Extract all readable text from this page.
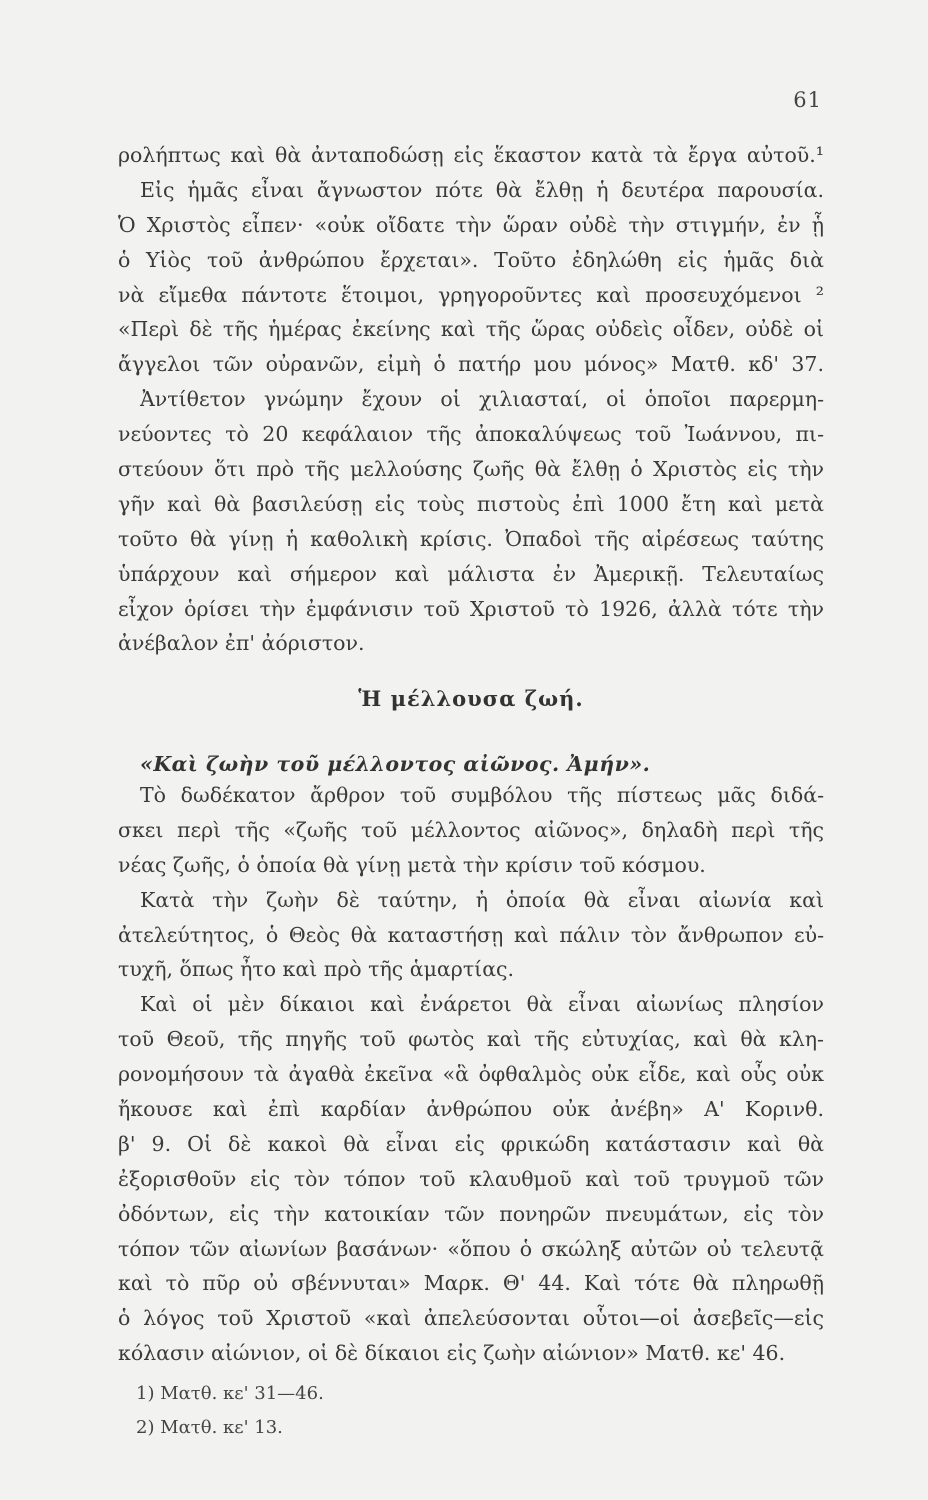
61
ρολήπτως καὶ θὰ ἀνταποδώσῃ εἰς ἕκαστον κατὰ τὰ ἔργα αὐτοῦ.¹
Εἰς ἡμᾶς εἶναι ἄγνωστον πότε θὰ ἔλθῃ ἡ δευτέρα παρουσία.
Ὁ Χριστὸς εἶπεν· «οὐκ οἴδατε τὴν ὥραν οὐδὲ τὴν στιγμήν, ἐν ᾗ
ὁ Υἱὸς τοῦ ἀνθρώπου ἔρχεται». Τοῦτο ἐδηλώθη εἰς ἡμᾶς διὰ
νὰ εἴμεθα πάντοτε ἕτοιμοι, γρηγοροῦντες καὶ προσευχόμενοι ²
«Περὶ δὲ τῆς ἡμέρας ἐκείνης καὶ τῆς ὥρας οὐδεὶς οἶδεν, οὐδὲ οἱ
ἄγγελοι τῶν οὐρανῶν, εἰμὴ ὁ πατήρ μου μόνος» Ματθ. κδ' 37.
Ἀντίθετον γνώμην ἔχουν οἱ χιλιασταί, οἱ ὁποῖοι παρερμη-
νεύοντες τὸ 20 κεφάλαιον τῆς ἀποκαλύψεως τοῦ Ἰωάννου, πι-
στεύουν ὅτι πρὸ τῆς μελλούσης ζωῆς θὰ ἔλθῃ ὁ Χριστὸς εἰς τὴν
γῆν καὶ θὰ βασιλεύσῃ εἰς τοὺς πιστοὺς ἐπὶ 1000 ἔτη καὶ μετὰ
τοῦτο θὰ γίνῃ ἡ καθολικὴ κρίσις. Ὀπαδοὶ τῆς αἱρέσεως ταύτης
ὑπάρχουν καὶ σήμερον καὶ μάλιστα ἐν Ἀμερικῇ. Τελευταίως
εἶχον ὁρίσει τὴν ἐμφάνισιν τοῦ Χριστοῦ τὸ 1926, ἀλλὰ τότε τὴν
ἀνέβαλον ἐπ' ἀόριστον.
Ἡ μέλλουσα ζωή.
«Καὶ ζωὴν τοῦ μέλλοντος αἰῶνος. Ἀμήν».
Τὸ δωδέκατον ἄρθρον τοῦ συμβόλου τῆς πίστεως μᾶς διδά-
σκει περὶ τῆς «ζωῆς τοῦ μέλλοντος αἰῶνος», δηλαδὴ περὶ τῆς
νέας ζωῆς, ὁ ὁποία θὰ γίνῃ μετὰ τὴν κρίσιν τοῦ κόσμου.
Κατὰ τὴν ζωὴν δὲ ταύτην, ἡ ὁποία θὰ εἶναι αἰωνία καὶ
ἀτελεύτητος, ὁ Θεὸς θὰ καταστήσῃ καὶ πάλιν τὸν ἄνθρωπον εὐ-
τυχῆ, ὅπως ἦτο καὶ πρὸ τῆς ἁμαρτίας.
Καὶ οἱ μὲν δίκαιοι καὶ ἐνάρετοι θὰ εἶναι αἰωνίως πλησίον
τοῦ Θεοῦ, τῆς πηγῆς τοῦ φωτὸς καὶ τῆς εὐτυχίας, καὶ θὰ κλη-
ρονομήσουν τὰ ἀγαθὰ ἐκεῖνα «ἃ ὀφθαλμὸς οὐκ εἶδε, καὶ οὖς οὐκ
ἤκουσε καὶ ἐπὶ καρδίαν ἀνθρώπου οὐκ ἀνέβη» Α' Κορινθ.
β' 9. Οἱ δὲ κακοὶ θὰ εἶναι εἰς φρικώδη κατάστασιν καὶ θὰ
ἐξορισθοῦν εἰς τὸν τόπον τοῦ κλαυθμοῦ καὶ τοῦ τρυγμοῦ τῶν
ὀδόντων, εἰς τὴν κατοικίαν τῶν πονηρῶν πνευμάτων, εἰς τὸν
τόπον τῶν αἰωνίων βασάνων· «ὅπου ὁ σκώληξ αὐτῶν οὐ τελευτᾷ
καὶ τὸ πῦρ οὐ σβέννυται» Μαρκ. Θ' 44. Καὶ τότε θὰ πληρωθῇ
ὁ λόγος τοῦ Χριστοῦ «καὶ ἀπελεύσονται οὗτοι—οἱ ἀσεβεῖς—εἰς
κόλασιν αἰώνιον, οἱ δὲ δίκαιοι εἰς ζωὴν αἰώνιον» Ματθ. κε' 46.
1) Ματθ. κε' 31—46.
2) Ματθ. κε' 13.
